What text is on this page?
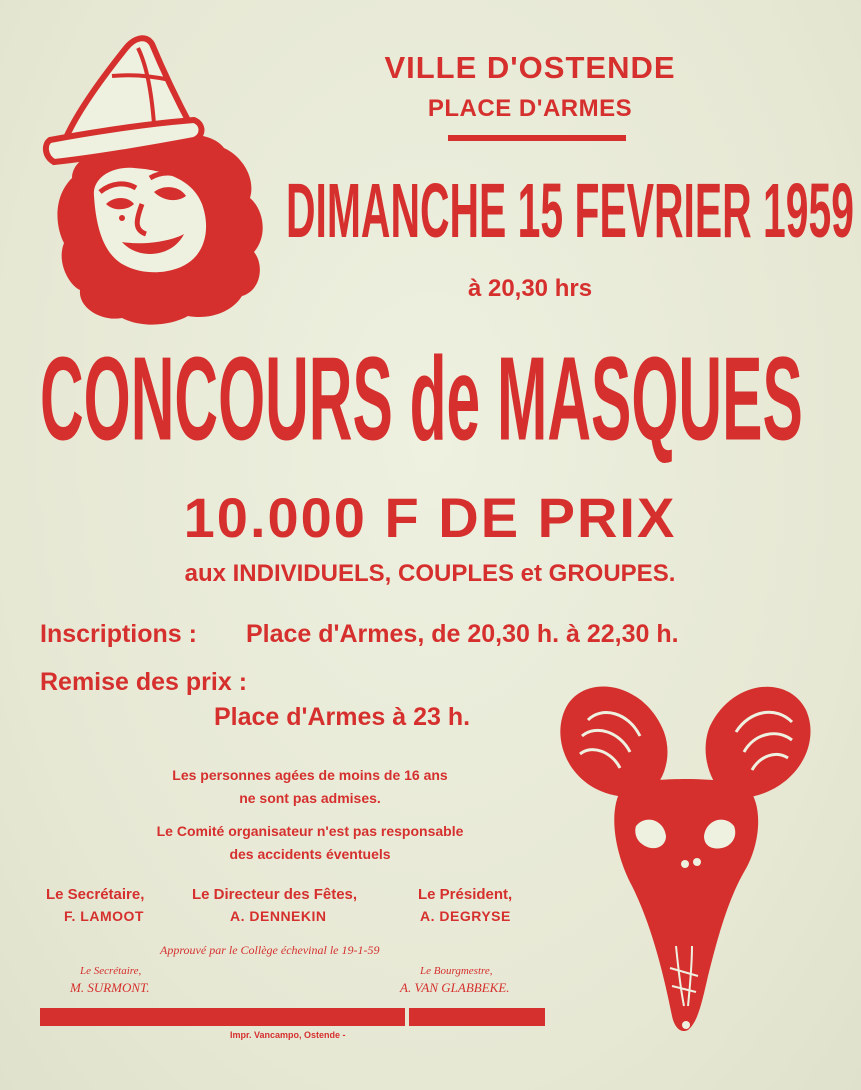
VILLE D'OSTENDE
PLACE D'ARMES
DIMANCHE 15 FEVRIER 1959
à 20,30 hrs
CONCOURS de MASQUES
10.000 F DE PRIX
aux INDIVIDUELS, COUPLES et GROUPES.
Inscriptions : Place d'Armes, de 20,30 h. à 22,30 h.
Remise des prix :
Place d'Armes à 23 h.
Les personnes agées de moins de 16 ans
ne sont pas admises.
Le Comité organisateur n'est pas responsable
des accidents éventuels
Le Secrétaire,	Le Directeur des Fêtes,	Le Président,
F. LAMOOT	A. DENNEKIN	A. DEGRYSE
Approuvé par le Collège échevinal le 19-1-59
Le Secrétaire,	Le Bourgmestre,
M. SURMONT.	A. VAN GLABBEKE.
Impr. Vancampo, Ostende -
